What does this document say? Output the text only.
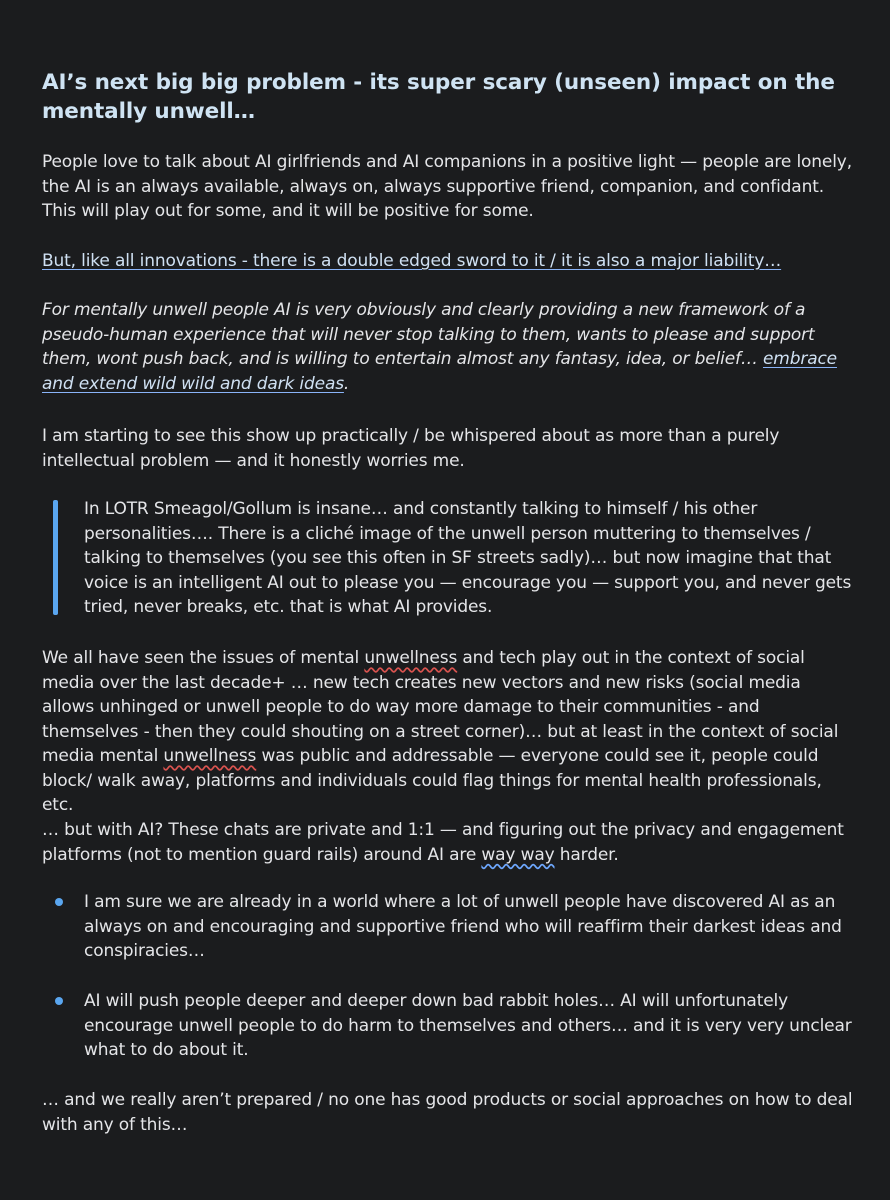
AI’s next big big problem - its super scary (unseen) impact on the mentally unwell…

People love to talk about AI girlfriends and AI companions in a positive light — people are lonely, the AI is an always available, always on, always supportive friend, companion, and confidant. This will play out for some, and it will be positive for some.

But, like all innovations - there is a double edged sword to it / it is also a major liability…

For mentally unwell people AI is very obviously and clearly providing a new framework of a pseudo-human experience that will never stop talking to them, wants to please and support them, wont push back, and is willing to entertain almost any fantasy, idea, or belief… embrace and extend wild wild and dark ideas.

I am starting to see this show up practically / be whispered about as more than a purely intellectual problem — and it honestly worries me.

In LOTR Smeagol/Gollum is insane… and constantly talking to himself / his other personalities…. There is a cliché image of the unwell person muttering to themselves / talking to themselves (you see this often in SF streets sadly)… but now imagine that that voice is an intelligent AI out to please you — encourage you — support you, and never gets tried, never breaks, etc. that is what AI provides.

We all have seen the issues of mental unwellness and tech play out in the context of social media over the last decade+ … new tech creates new vectors and new risks (social media allows unhinged or unwell people to do way more damage to their communities - and themselves - then they could shouting on a street corner)… but at least in the context of social media mental unwellness was public and addressable — everyone could see it, people could block/ walk away, platforms and individuals could flag things for mental health professionals, etc.

… but with AI? These chats are private and 1:1 — and figuring out the privacy and engagement platforms (not to mention guard rails) around AI are way way harder.

I am sure we are already in a world where a lot of unwell people have discovered AI as an always on and encouraging and supportive friend who will reaffirm their darkest ideas and conspiracies…

AI will push people deeper and deeper down bad rabbit holes… AI will unfortunately encourage unwell people to do harm to themselves and others… and it is very very unclear what to do about it.

… and we really aren’t prepared / no one has good products or social approaches on how to deal with any of this…
